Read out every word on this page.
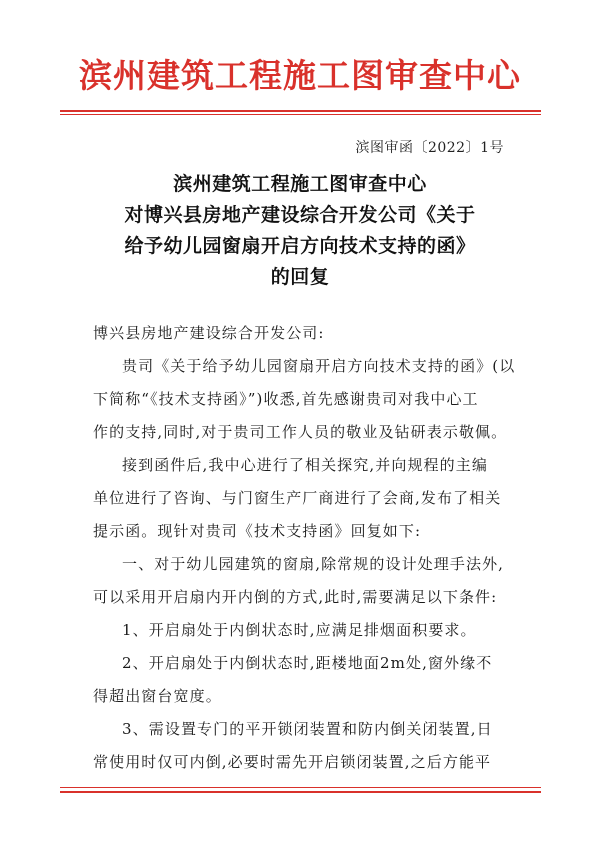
滨州建筑工程施工图审查中心
滨图审函〔2022〕1号
滨州建筑工程施工图审查中心
对博兴县房地产建设综合开发公司《关于
给予幼儿园窗扇开启方向技术支持的函》
的回复
博兴县房地产建设综合开发公司:
贵司《关于给予幼儿园窗扇开启方向技术支持的函》(以
下简称“《技术支持函》”)收悉,首先感谢贵司对我中心工
作的支持,同时,对于贵司工作人员的敬业及钻研表示敬佩。
接到函件后,我中心进行了相关探究,并向规程的主编
单位进行了咨询、与门窗生产厂商进行了会商,发布了相关
提示函。现针对贵司《技术支持函》回复如下:
一、对于幼儿园建筑的窗扇,除常规的设计处理手法外,
可以采用开启扇内开内倒的方式,此时,需要满足以下条件:
1、开启扇处于内倒状态时,应满足排烟面积要求。
2、开启扇处于内倒状态时,距楼地面2m处,窗外缘不
得超出窗台宽度。
3、需设置专门的平开锁闭装置和防内倒关闭装置,日
常使用时仅可内倒,必要时需先开启锁闭装置,之后方能平
